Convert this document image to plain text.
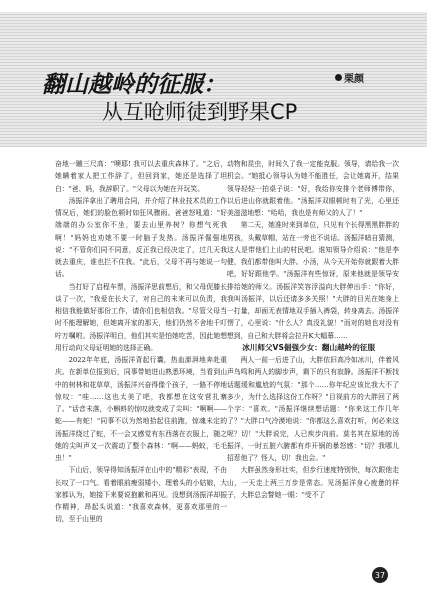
翻山越岭的征服：
从互呛师徒到野果CP
栗颜

奋地一蹦三尺高："噢耶! 我可以去重庆森林了。"之后，她瞒着家人把工作辞了，但回到家，她还是选择了坦白："爸、妈，我辞职了。"父母以为她在开玩笑。

汤振洋拿出了聘用合同，并介绍了林业技术员的工作情况后，她们的脸色顿时如狂风骤雨。爸爸怒吼道："好端端的办公室你不坐，要去山里养树？你想气死我啊！"妈妈也劝她不要一时脑子发热。汤振洋倔强地说："不管你们同不同意，反正我已经决定了，过几天我就去重庆，谁也拦不住我。"此后，父母不再与她说一句话。

当打好了启程车票，汤振洋思前想后，和父母促膝长谈了一次，"我爱在长大了，对自己的未来可以负责，我相信我能做好那份工作，请你们也相信我。"尽管父母当时不能理解她，但她离开家的那天，他们仍然不舍地千叮咛万嘱咐。汤振洋明白，他们其实是怕她吃苦，因此她想用行动向父母证明她的选择正确。

2022年年底，汤振洋背起行囊，热血澎湃地奔赴重庆。在新单位报到后，同事带她进山熟悉环境，当看到山中的树林和花草草，汤振洋兴奋得像个孩子，一路不停地惊叹："哇……这也太美了吧，我都想在这安营扎寨了。"话音未落，小蝌蚪的惊叹就变成了尖叫："啊啊——蛇——有蛇！"同事不以为然地拾起往前跑，惊魂未定的汤振洋绕过了蛇，不一会又感觉有东西落在衣服上，随之她的尖叫声又一次震动了整个森林："啊——蚂蚁，毛毛虫！"

下山后，领导得知汤振洋在山中的"精彩"表现，不由长叹了一口气。看着眼前瘦弱矮小、理着头的小姑娘，大家都认为，她接下来要说抱歉和再见。没想到汤振洋却振作精神，昂起头说道："我喜欢森林，更喜欢那里的一切，至于山里的

动物和昆虫，时间久了我一定能克服。领导，请给我一次机会。"她抵心领导认为她不能胜任，会让她离开，结果领导轻轻一拍桌子说："好，我给你安排个老师傅带你，以后进山你就跟着他。"汤振洋双眼顿时有了光，心里还美滋滋地想："哈哈，我也是有师父的人了！"

第二天，她准时来到单位，只见有个长得黑黑胖胖的男孩，头戴草帽，站在一旁也不说话。汤振洋暗自猜测，这人是带他们上山的村民吧。谁知领导介绍说："他是李健，我们都带他叫大胖。小汤，从今天开始你就跟着大胖吧，好好跟他学。"汤振洋有些惊讶，原来他就是领导安排给她的师父。汤振洋笑容浮溢向大胖伸出手："你好，我叫汤振洋，以后还请多多关照！"大胖的目光在她身上一打量，却面无表情地双手插入裤袋，转身离去。汤振洋愣了，心里说："什么人？真没礼貌！"而对的她也对没有想到，自己和大胖将会拉开K大幅幕……

冰川师父VS倔强少女：翻山越岭的征服

两人一前一后进了山，大胖依旧高冷如冰川，伴着风声鸟鸣和两人的脚步声，剩下的只有寂静。汤振洋不断找话题缓和尴尬的气氛："那个……你年纪应该比我大不了多少，为什么选择这份工作呀？"目视前方的大胖回了两个字："喜欢。"汤振洋继续想话题："你来这工作几年了？"大胖口气冷漠地说："你都这么喜欢打听，何必来这呢？切！"大胖说完，人已疾步向前。莫名其在原地的汤振洋，一时五脏六腑都有炸开锅的暴怒感："切？我哪儿招惹他了？怪人，切！我也会。"

大胖虽然身形壮实，但步行速度特别快，每次跟他走山，一天走上两三万步是常态。见汤振洋身心疲惫的样子，大胖总会瞥她一眼："受不了

37
